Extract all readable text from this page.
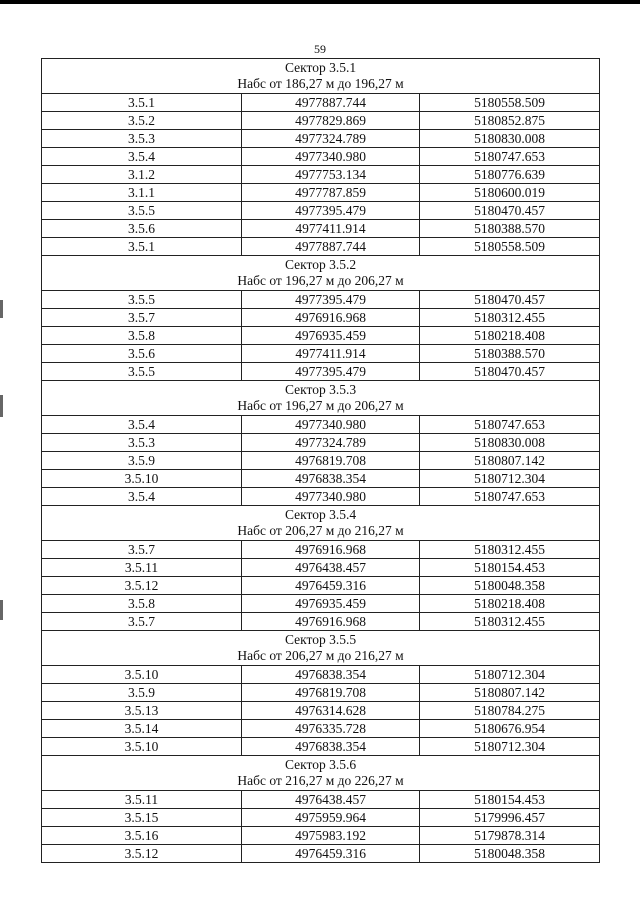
59
Сектор 3.5.1
Набс от 186,27 м до 196,27 м		

3.5.1	4977887.744	5180558.509
3.5.2	4977829.869	5180852.875
3.5.3	4977324.789	5180830.008
3.5.4	4977340.980	5180747.653
3.1.2	4977753.134	5180776.639
3.1.1	4977787.859	5180600.019
3.5.5	4977395.479	5180470.457
3.5.6	4977411.914	5180388.570
3.5.1	4977887.744	5180558.509

Сектор 3.5.2
Набс от 196,27 м до 206,27 м		

3.5.5	4977395.479	5180470.457
3.5.7	4976916.968	5180312.455
3.5.8	4976935.459	5180218.408
3.5.6	4977411.914	5180388.570
3.5.5	4977395.479	5180470.457

Сектор 3.5.3
Набс от 196,27 м до 206,27 м		

3.5.4	4977340.980	5180747.653
3.5.3	4977324.789	5180830.008
3.5.9	4976819.708	5180807.142
3.5.10	4976838.354	5180712.304
3.5.4	4977340.980	5180747.653

Сектор 3.5.4
Набс от 206,27 м до 216,27 м		

3.5.7	4976916.968	5180312.455
3.5.11	4976438.457	5180154.453
3.5.12	4976459.316	5180048.358
3.5.8	4976935.459	5180218.408
3.5.7	4976916.968	5180312.455

Сектор 3.5.5
Набс от 206,27 м до 216,27 м		

3.5.10	4976838.354	5180712.304
3.5.9	4976819.708	5180807.142
3.5.13	4976314.628	5180784.275
3.5.14	4976335.728	5180676.954
3.5.10	4976838.354	5180712.304

Сектор 3.5.6
Набс от 216,27 м до 226,27 м		

3.5.11	4976438.457	5180154.453
3.5.15	4975959.964	5179996.457
3.5.16	4975983.192	5179878.314
3.5.12	4976459.316	5180048.358
